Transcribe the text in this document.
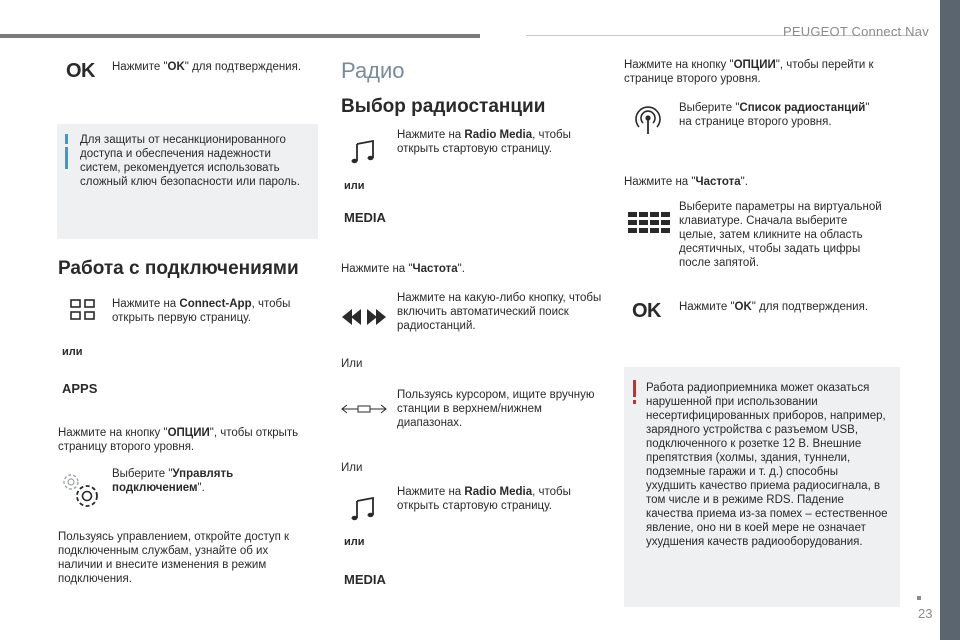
PEUGEOT Connect Nav
23
OK Нажмите "OK" для подтверждения.
Для защиты от несанкционированного доступа и обеспечения надежности систем, рекомендуется использовать сложный ключ безопасности или пароль.
Работа с подключениями
Нажмите на Connect-App, чтобы открыть первую страницу.
или
APPS
Нажмите на кнопку "ОПЦИИ", чтобы открыть страницу второго уровня.
Выберите "Управлять подключением".
Пользуясь управлением, откройте доступ к подключенным службам, узнайте об их наличии и внесите изменения в режим подключения.
Радио
Выбор радиостанции
Нажмите на Radio Media, чтобы открыть стартовую страницу.
или
MEDIA
Нажмите на "Частота".
Нажмите на какую-либо кнопку, чтобы включить автоматический поиск радиостанций.
Или
Пользуясь курсором, ищите вручную станции в верхнем/нижнем диапазонах.
Или
Нажмите на Radio Media, чтобы открыть стартовую страницу.
или
MEDIA
Нажмите на кнопку "ОПЦИИ", чтобы перейти к странице второго уровня.
Выберите "Список радиостанций" на странице второго уровня.
Нажмите на "Частота".
Выберите параметры на виртуальной клавиатуре. Сначала выберите целые, затем кликните на область десятичных, чтобы задать цифры после запятой.
OK Нажмите "OK" для подтверждения.
Работа радиоприемника может оказаться нарушенной при использовании несертифицированных приборов, например, зарядного устройства с разъемом USB, подключенного к розетке 12 В. Внешние препятствия (холмы, здания, туннели, подземные гаражи и т. д.) способны ухудшить качество приема радиосигнала, в том числе и в режиме RDS. Падение качества приема из-за помех – естественное явление, оно ни в коей мере не означает ухудшения качеств радиооборудования.
